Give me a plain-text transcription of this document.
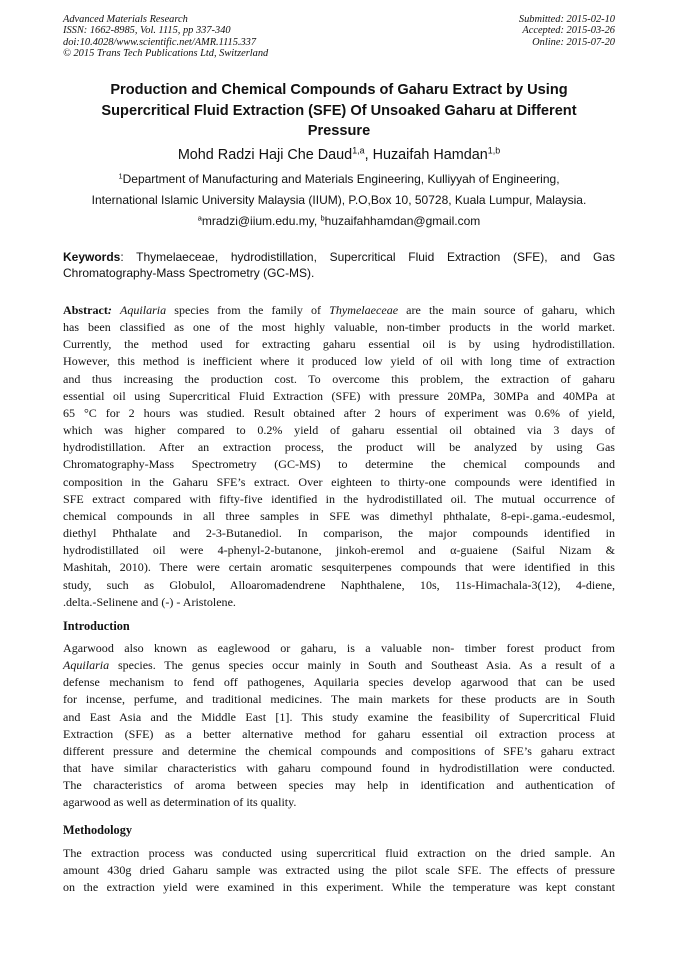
Advanced Materials Research
ISSN: 1662-8985, Vol. 1115, pp 337-340
doi:10.4028/www.scientific.net/AMR.1115.337
© 2015 Trans Tech Publications Ltd, Switzerland
Submitted: 2015-02-10
Accepted: 2015-03-26
Online: 2015-07-20
Production and Chemical Compounds of Gaharu Extract by Using
Supercritical Fluid Extraction (SFE) Of Unsoaked Gaharu at Different
Pressure
Mohd Radzi Haji Che Daud$^{1,a}$, Huzaifah Hamdan$^{1,b}$
$^1$Department of Manufacturing and Materials Engineering, Kulliyyah of Engineering,
International Islamic University Malaysia (IIUM), P.O,Box 10, 50728, Kuala Lumpur, Malaysia.
$^a$mradzi@iium.edu.my, $^b$huzaifahhamdan@gmail.com
Keywords: Thymelaeceae, hydrodistillation, Supercritical Fluid Extraction (SFE), and Gas Chromatography-Mass Spectrometry (GC-MS).
Abstract: Aquilaria species from the family of Thymelaeceae are the main source of gaharu, which
has been classified as one of the most highly valuable, non-timber products in the world market.
Currently, the method used for extracting gaharu essential oil is by using hydrodistillation.
However, this method is inefficient where it produced low yield of oil with long time of extraction
and thus increasing the production cost. To overcome this problem, the extraction of gaharu
essential oil using Supercritical Fluid Extraction (SFE) with pressure 20MPa, 30MPa and 40MPa at
65 °C for 2 hours was studied. Result obtained after 2 hours of experiment was 0.6% of yield,
which was higher compared to 0.2% yield of gaharu essential oil obtained via 3 days of
hydrodistillation. After an extraction process, the product will be analyzed by using Gas
Chromatography-Mass Spectrometry (GC-MS) to determine the chemical compounds and
composition in the Gaharu SFE’s extract. Over eighteen to thirty-one compounds were identified in
SFE extract compared with fifty-five identified in the hydrodistillated oil. The mutual occurrence of
chemical compounds in all three samples in SFE was dimethyl phthalate, 8-epi-.gama.-eudesmol,
diethyl Phthalate and 2-3-Butanediol. In comparison, the major compounds identified in
hydrodistillated oil were 4-phenyl-2-butanone, jinkoh-eremol and α-guaiene (Saiful Nizam &
Mashitah, 2010). There were certain aromatic sesquiterpenes compounds that were identified in this
study, such as Globulol, Alloaromadendrene Naphthalene, 10s, 11s-Himachala-3(12), 4-diene,
.delta.-Selinene and (-) - Aristolene.
Introduction
Agarwood also known as eaglewood or gaharu, is a valuable non- timber forest product from
Aquilaria species. The genus species occur mainly in South and Southeast Asia. As a result of a
defense mechanism to fend off pathogenes, Aquilaria species develop agarwood that can be used
for incense, perfume, and traditional medicines. The main markets for these products are in South
and East Asia and the Middle East [1]. This study examine the feasibility of Supercritical Fluid
Extraction (SFE) as a better alternative method for gaharu essential oil extraction process at
different pressure and determine the chemical compounds and compositions of SFE’s gaharu extract
that have similar characteristics with gaharu compound found in hydrodistillation were conducted.
The characteristics of aroma between species may help in identification and authentication of
agarwood as well as determination of its quality.
Methodology
The extraction process was conducted using supercritical fluid extraction on the dried sample. An
amount 430g dried Gaharu sample was extracted using the pilot scale SFE. The effects of pressure
on the extraction yield were examined in this experiment. While the temperature was kept constant
